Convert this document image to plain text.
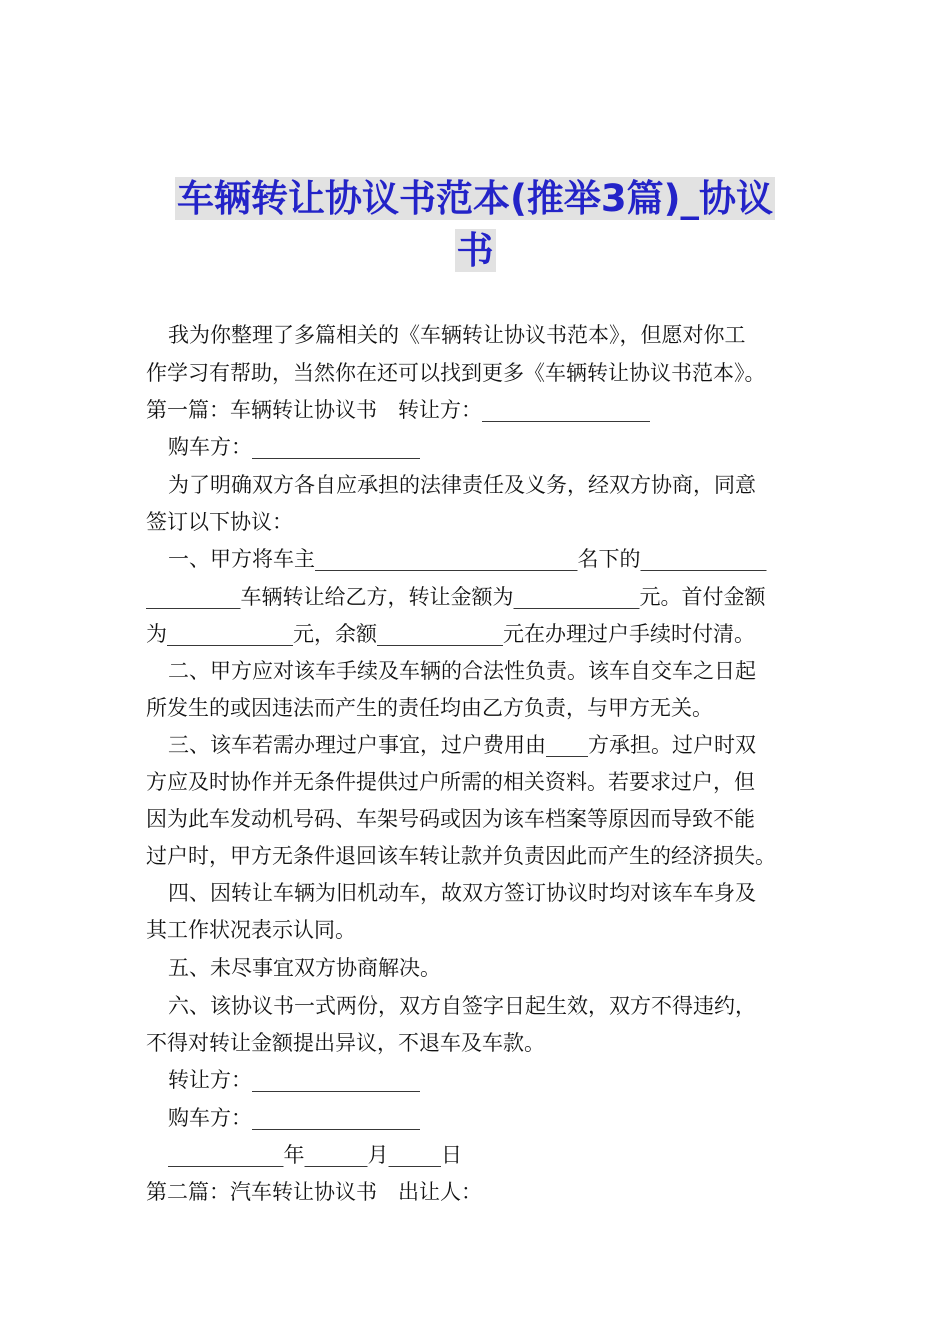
车辆转让协议书范本(推举3篇)_协议
书
我为你整理了多篇相关的《车辆转让协议书范本》，但愿对你工
作学习有帮助，当然你在还可以找到更多《车辆转让协议书范本》。
第一篇：车辆转让协议书　转让方：________________
购车方：________________
为了明确双方各自应承担的法律责任及义务，经双方协商，同意
签订以下协议：
一、甲方将车主_________________________名下的____________
_________车辆转让给乙方，转让金额为____________元。首付金额
为____________元，余额____________元在办理过户手续时付清。
二、甲方应对该车手续及车辆的合法性负责。该车自交车之日起
所发生的或因违法而产生的责任均由乙方负责，与甲方无关。
三、该车若需办理过户事宜，过户费用由____方承担。过户时双
方应及时协作并无条件提供过户所需的相关资料。若要求过户，但
因为此车发动机号码、车架号码或因为该车档案等原因而导致不能
过户时，甲方无条件退回该车转让款并负责因此而产生的经济损失。
四、因转让车辆为旧机动车，故双方签订协议时均对该车车身及
其工作状况表示认同。
五、未尽事宜双方协商解决。
六、该协议书一式两份，双方自签字日起生效，双方不得违约，
不得对转让金额提出异议，不退车及车款。
转让方：________________
购车方：________________
___________年______月_____日
第二篇：汽车转让协议书　出让人：
